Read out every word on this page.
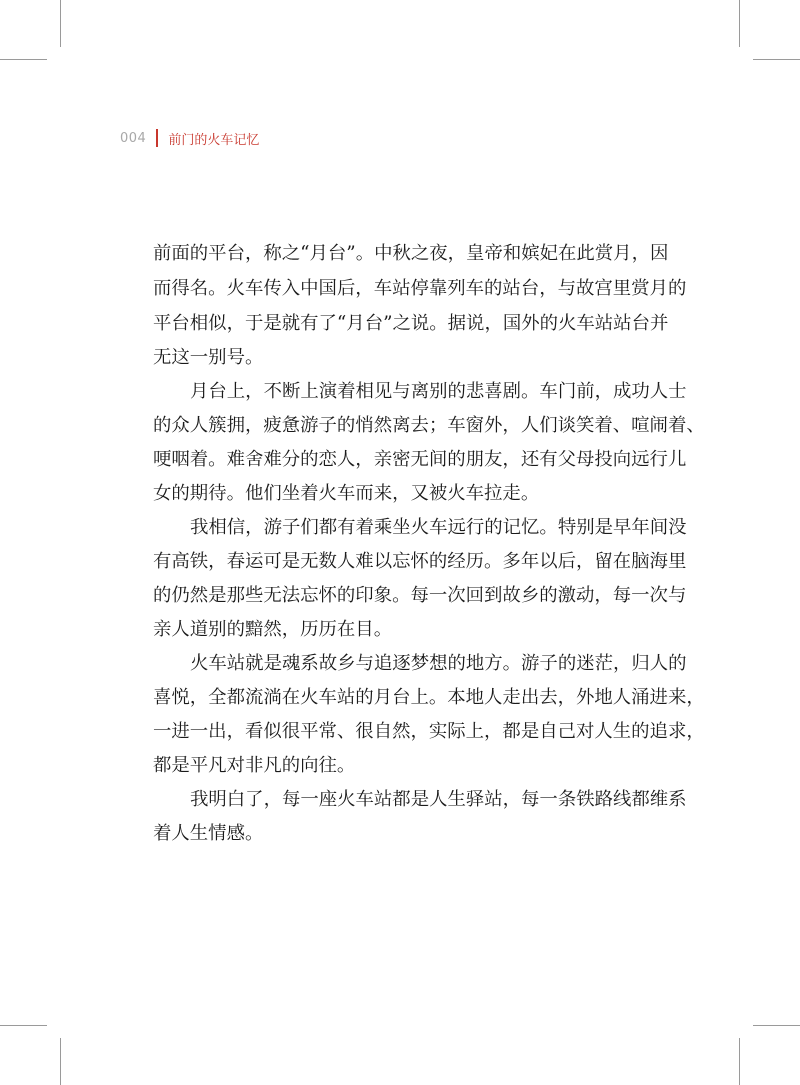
004 前门的火车记忆
前面的平台，称之“月台”。中秋之夜，皇帝和嫔妃在此赏月，因
而得名。火车传入中国后，车站停靠列车的站台，与故宫里赏月的
平台相似，于是就有了“月台”之说。据说，国外的火车站站台并
无这一别号。
月台上，不断上演着相见与离别的悲喜剧。车门前，成功人士
的众人簇拥，疲惫游子的悄然离去；车窗外，人们谈笑着、喧闹着、
哽咽着。难舍难分的恋人，亲密无间的朋友，还有父母投向远行儿
女的期待。他们坐着火车而来，又被火车拉走。
我相信，游子们都有着乘坐火车远行的记忆。特别是早年间没
有高铁，春运可是无数人难以忘怀的经历。多年以后，留在脑海里
的仍然是那些无法忘怀的印象。每一次回到故乡的激动，每一次与
亲人道别的黯然，历历在目。
火车站就是魂系故乡与追逐梦想的地方。游子的迷茫，归人的
喜悦，全都流淌在火车站的月台上。本地人走出去，外地人涌进来，
一进一出，看似很平常、很自然，实际上，都是自己对人生的追求，
都是平凡对非凡的向往。
我明白了，每一座火车站都是人生驿站，每一条铁路线都维系
着人生情感。
